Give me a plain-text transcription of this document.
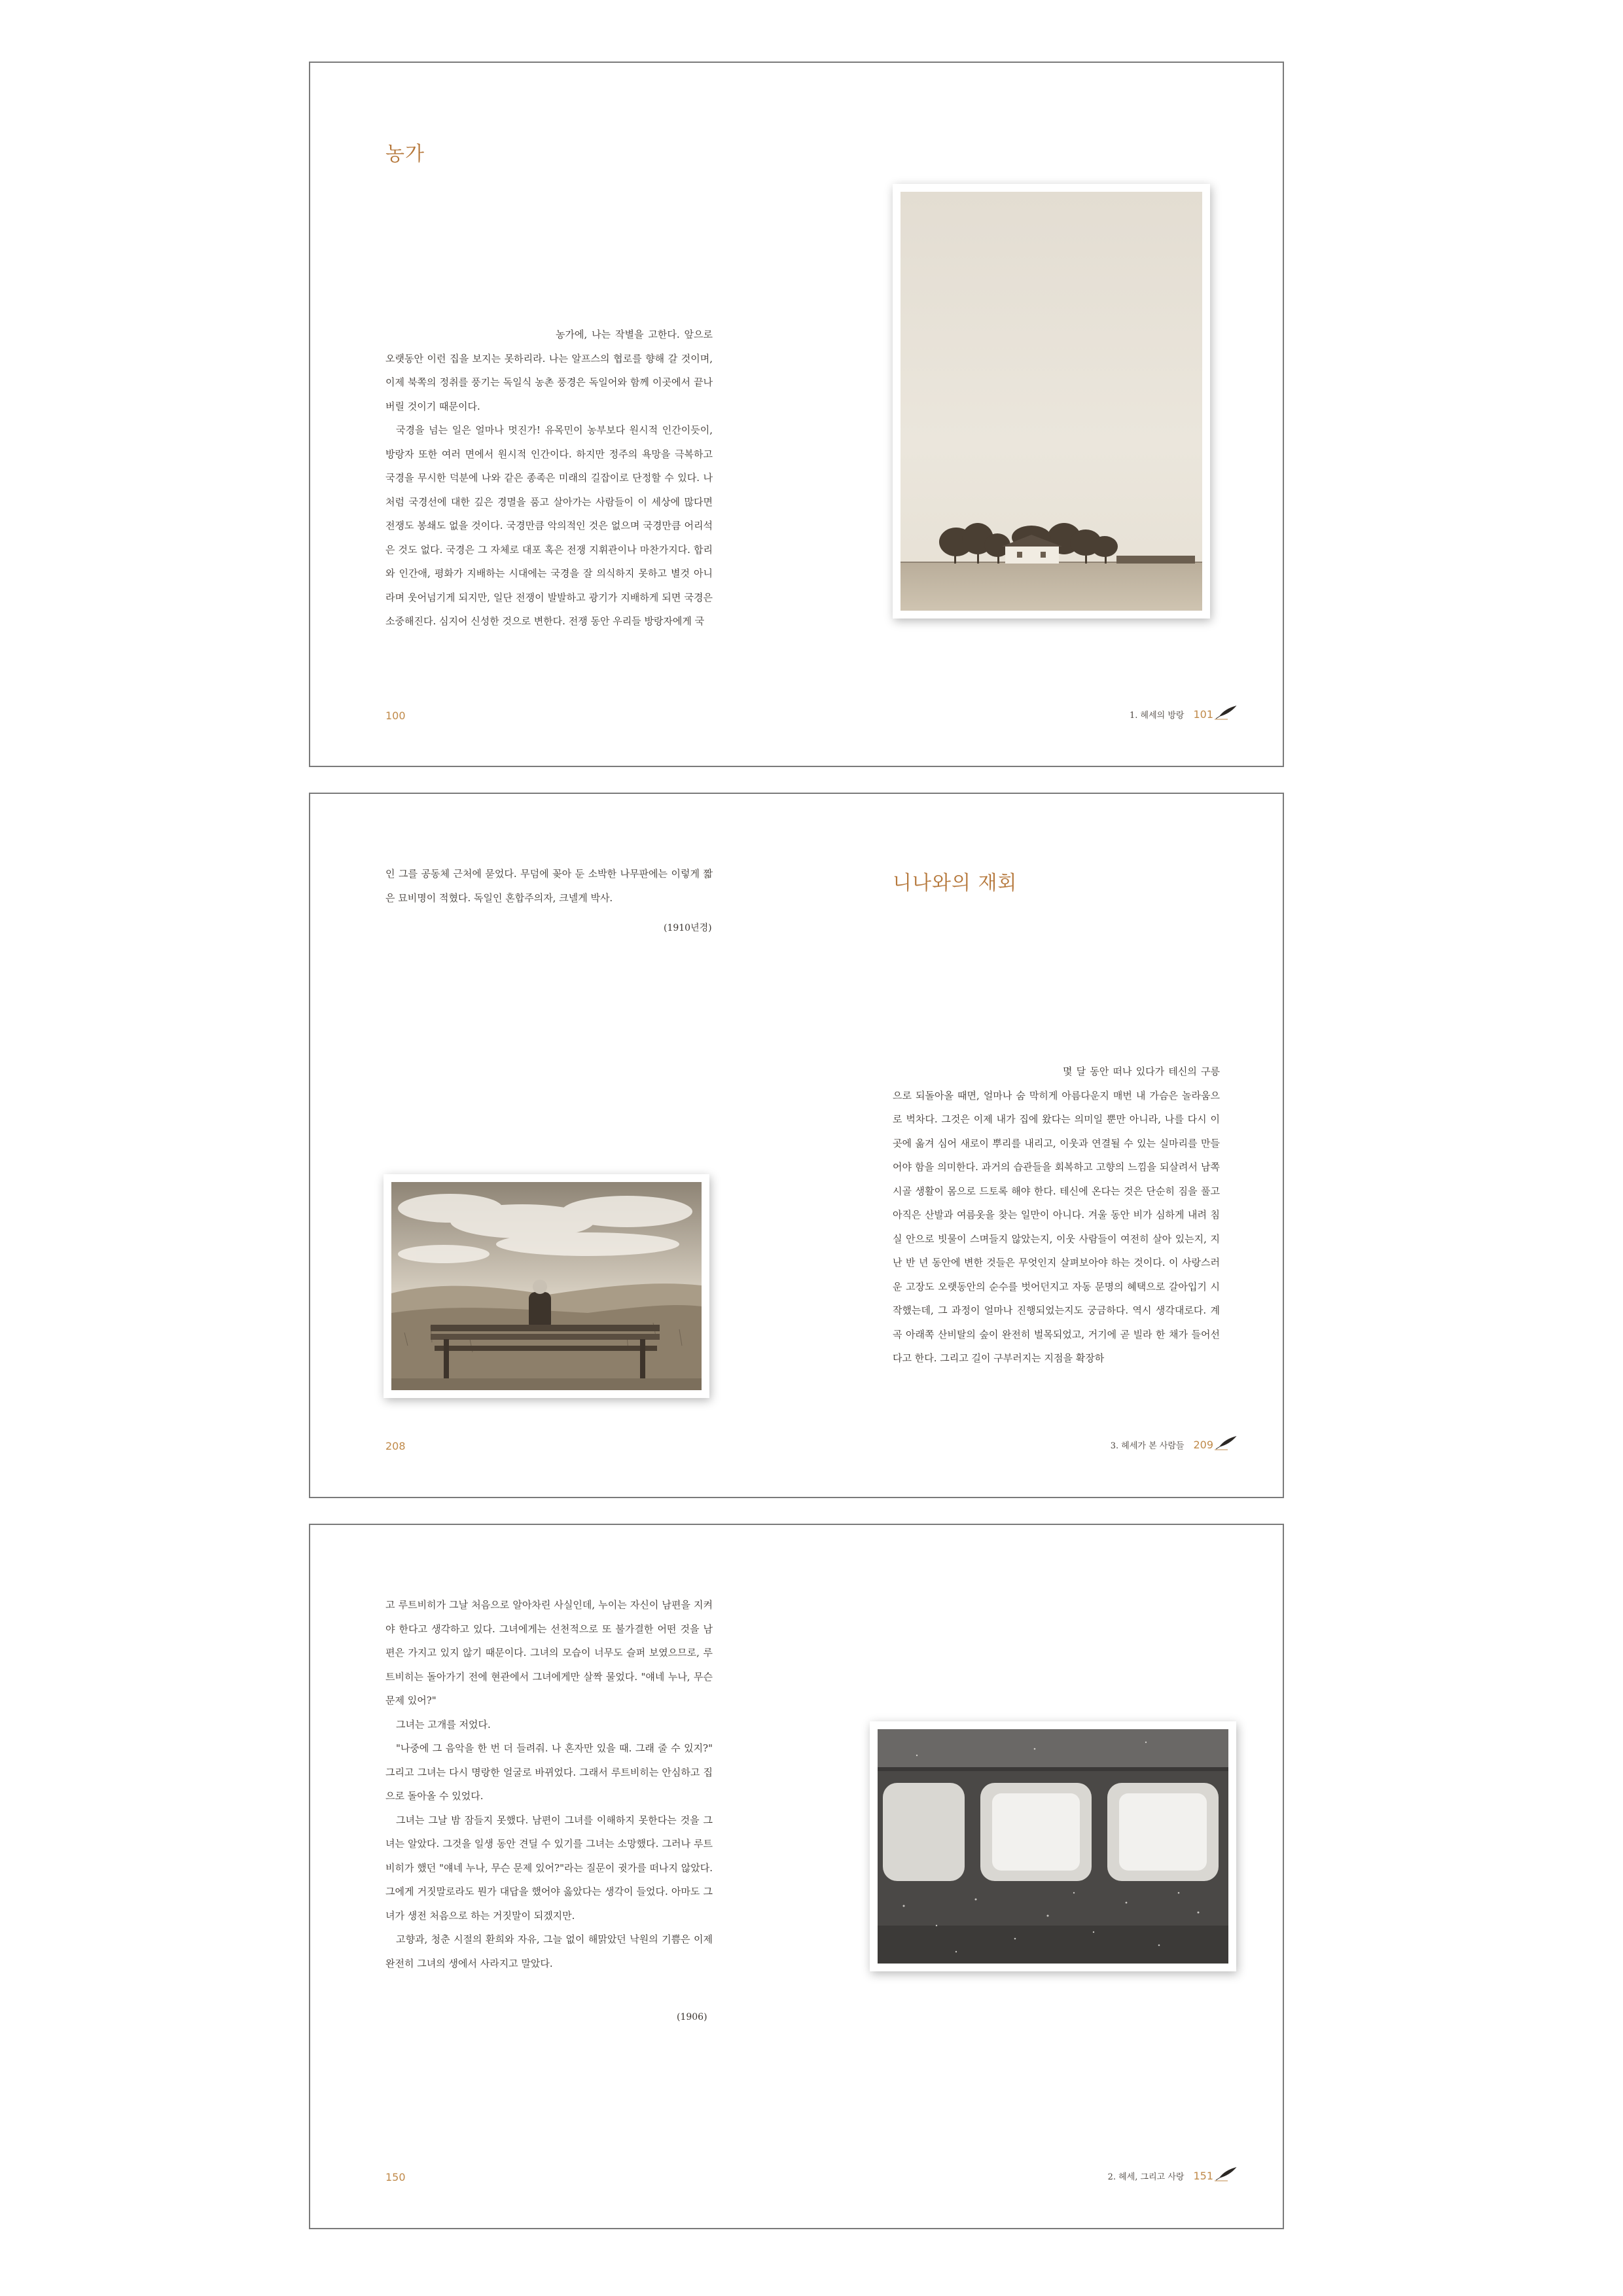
농가

농가에, 나는 작별을 고한다. 앞으로 오랫동안 이런 집을 보지는 못하리라. 나는 알프스의 협로를 향해 갈 것이며, 이제 북쪽의 정취를 풍기는 독일식 농촌 풍경은 독일어와 함께 이곳에서 끝나 버릴 것이기 때문이다.

국경을 넘는 일은 얼마나 멋진가! 유목민이 농부보다 원시적 인간이듯이, 방랑자 또한 여러 면에서 원시적 인간이다. 하지만 정주의 욕망을 극복하고 국경을 무시한 덕분에 나와 같은 종족은 미래의 길잡이로 단정할 수 있다. 나처럼 국경선에 대한 깊은 경멸을 품고 살아가는 사람들이 이 세상에 많다면 전쟁도 봉쇄도 없을 것이다. 국경만큼 악의적인 것은 없으며 국경만큼 어리석은 것도 없다. 국경은 그 자체로 대포 혹은 전쟁 지휘관이나 마찬가지다. 합리와 인간애, 평화가 지배하는 시대에는 국경을 잘 의식하지 못하고 별것 아니라며 웃어넘기게 되지만, 일단 전쟁이 발발하고 광기가 지배하게 되면 국경은 소중해진다. 심지어 신성한 것으로 변한다. 전쟁 동안 우리들 방랑자에게 국

100	1. 헤세의 방랑 101

인 그를 공동체 근처에 묻었다. 무덤에 꽂아 둔 소박한 나무판에는 이렇게 짧은 묘비명이 적혔다. 독일인 혼합주의자, 크넬게 박사.

(1910년경)
니나와의 재회

몇 달 동안 떠나 있다가 테신의 구릉으로 되돌아올 때면, 얼마나 숨 막히게 아름다운지 매번 내 가슴은 놀라움으로 벅차다. 그것은 이제 내가 집에 왔다는 의미일 뿐만 아니라, 나를 다시 이곳에 옮겨 심어 새로이 뿌리를 내리고, 이웃과 연결될 수 있는 실마리를 만들어야 함을 의미한다. 과거의 습관들을 회복하고 고향의 느낌을 되살려서 남쪽 시골 생활이 몸으로 드토록 해야 한다. 테신에 온다는 것은 단순히 짐을 풀고 아직은 산발과 여름옷을 찾는 일만이 아니다. 겨울 동안 비가 심하게 내려 침실 안으로 빗물이 스며들지 않았는지, 이웃 사람들이 여전히 살아 있는지, 지난 반 년 동안에 변한 것들은 무엇인지 살펴보아야 하는 것이다. 이 사랑스러운 고장도 오랫동안의 순수를 벗어던지고 자동 문명의 혜택으로 갈아입기 시작했는데, 그 과정이 얼마나 진행되었는지도 궁금하다. 역시 생각대로다. 계곡 아래쪽 산비탈의 숲이 완전히 벌목되었고, 거기에 곧 빌라 한 채가 들어선다고 한다. 그리고 길이 구부러지는 지점을 확장하

208	3. 헤세가 본 사람들 209

고 루트비히가 그날 처음으로 알아차린 사실인데, 누이는 자신이 남편을 지켜야 한다고 생각하고 있다. 그녀에게는 선천적으로 또 불가결한 어떤 것을 남편은 가지고 있지 않기 때문이다. 그녀의 모습이 너무도 슬퍼 보였으므로, 루트비히는 돌아가기 전에 현관에서 그녀에게만 살짝 물었다. "얘네 누나, 무슨 문제 있어?"

그녀는 고개를 저었다.

"나중에 그 음악을 한 번 더 들려줘. 나 혼자만 있을 때. 그래 줄 수 있지?" 그리고 그녀는 다시 명랑한 얼굴로 바뀌었다. 그래서 루트비히는 안심하고 집으로 돌아올 수 있었다.

그녀는 그날 밤 잠들지 못했다. 남편이 그녀를 이해하지 못한다는 것을 그녀는 알았다. 그것을 일생 동안 견딜 수 있기를 그녀는 소망했다. 그러나 루트비히가 했던 "얘네 누나, 무슨 문제 있어?"라는 질문이 귓가를 떠나지 않았다. 그에게 거짓말로라도 뭔가 대답을 했어야 옳았다는 생각이 들었다. 아마도 그녀가 생전 처음으로 하는 거짓말이 되겠지만.

고향과, 청춘 시절의 환희와 자유, 그늘 없이 해맑았던 낙원의 기쁨은 이제 완전히 그녀의 생에서 사라지고 말았다.

(1906)
150	2. 헤세, 그리고 사랑 151
